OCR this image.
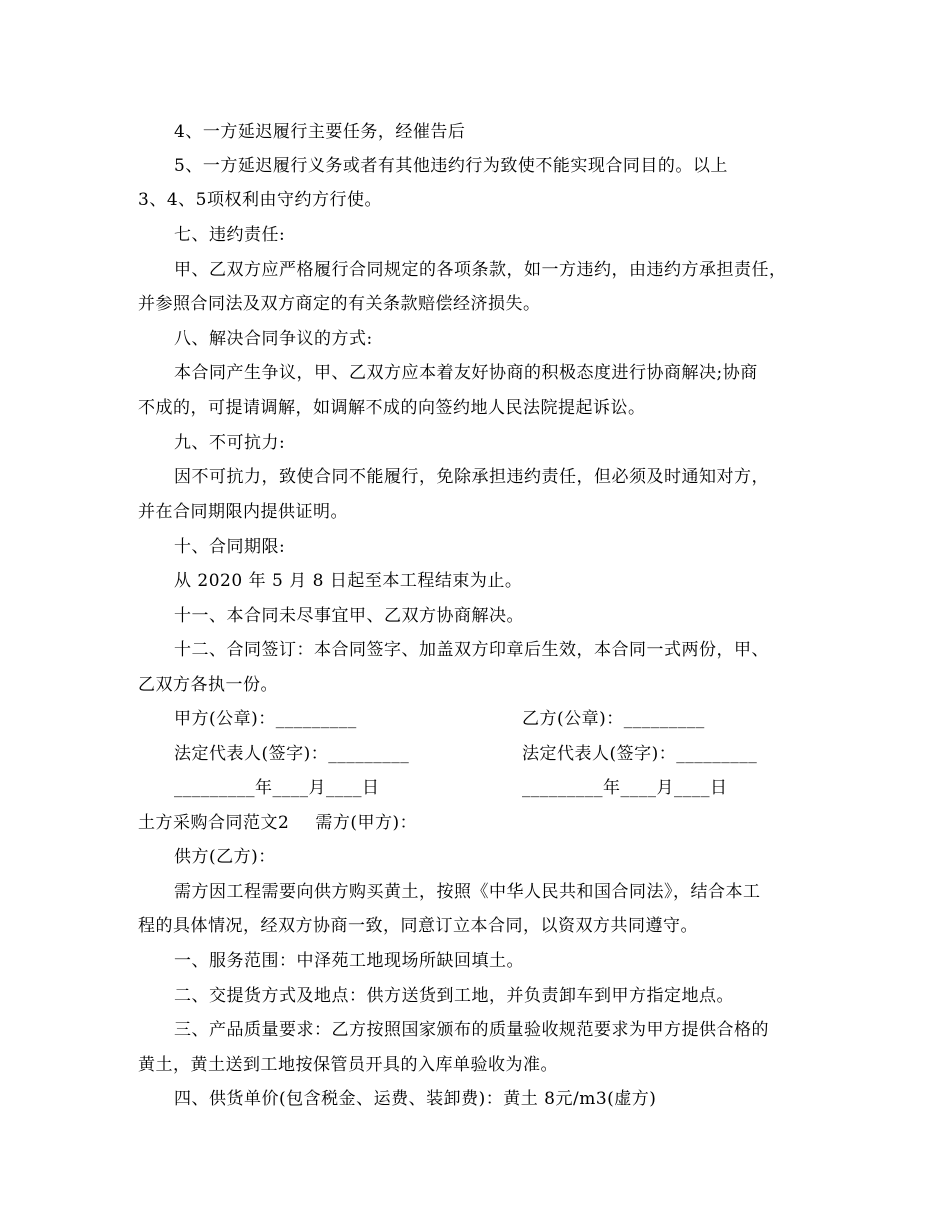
4、一方延迟履行主要任务，经催告后
5、一方延迟履行义务或者有其他违约行为致使不能实现合同目的。以上
3、4、5项权利由守约方行使。
七、违约责任:
甲、乙双方应严格履行合同规定的各项条款，如一方违约，由违约方承担责任，
并参照合同法及双方商定的有关条款赔偿经济损失。
八、解决合同争议的方式:
本合同产生争议，甲、乙双方应本着友好协商的积极态度进行协商解决;协商
不成的，可提请调解，如调解不成的向签约地人民法院提起诉讼。
九、不可抗力:
因不可抗力，致使合同不能履行，免除承担违约责任，但必须及时通知对方，
并在合同期限内提供证明。
十、合同期限:
从 2020 年 5 月 8 日起至本工程结束为止。
十一、本合同未尽事宜甲、乙双方协商解决。
十二、合同签订：本合同签字、加盖双方印章后生效，本合同一式两份，甲、
乙双方各执一份。
甲方(公章)：_________	乙方(公章)：_________
法定代表人(签字)：_________	法定代表人(签字)：_________
_________年____月____日	_________年____月____日
土方采购合同范文2 需方(甲方)：
供方(乙方)：
需方因工程需要向供方购买黄土，按照《中华人民共和国合同法》，结合本工
程的具体情况，经双方协商一致，同意订立本合同，以资双方共同遵守。
一、服务范围：中泽苑工地现场所缺回填土。
二、交提货方式及地点：供方送货到工地，并负责卸车到甲方指定地点。
三、产品质量要求：乙方按照国家颁布的质量验收规范要求为甲方提供合格的
黄土，黄土送到工地按保管员开具的入库单验收为准。
四、供货单价(包含税金、运费、装卸费)：黄土 8元/m3(虚方)
